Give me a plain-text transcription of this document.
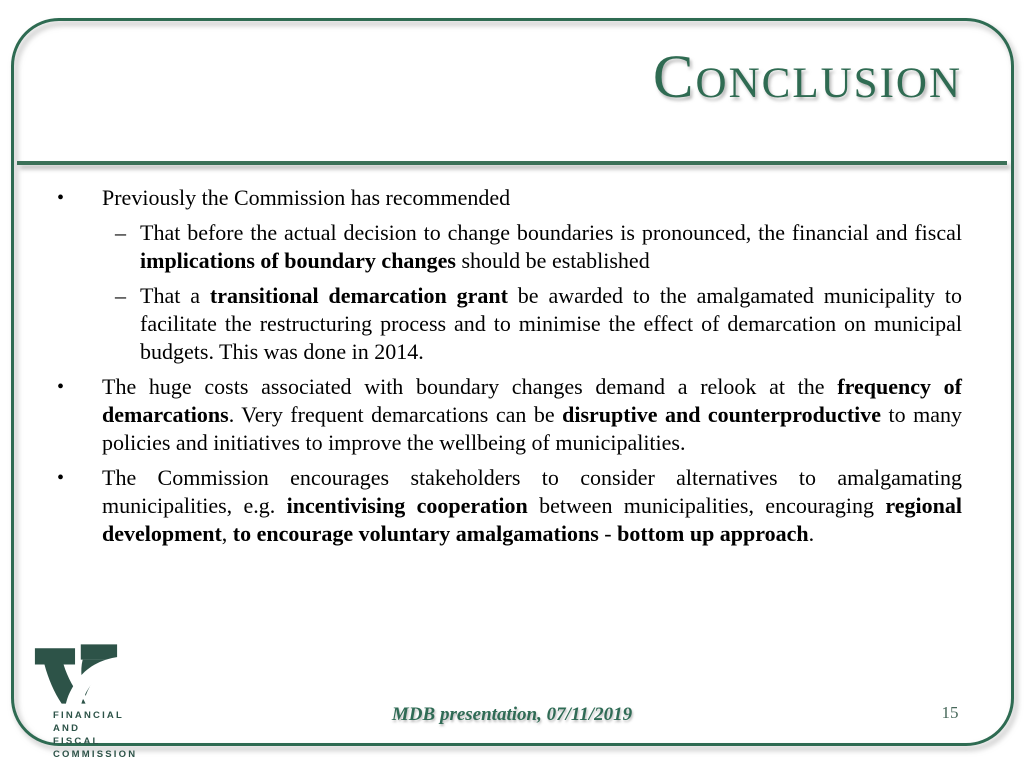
Conclusion
•	Previously the Commission has recommended
– That before the actual decision to change boundaries is pronounced, the financial and fiscal implications of boundary changes should be established
– That a transitional demarcation grant be awarded to the amalgamated municipality to facilitate the restructuring process and to minimise the effect of demarcation on municipal budgets. This was done in 2014.
•	The huge costs associated with boundary changes demand a relook at the frequency of demarcations. Very frequent demarcations can be disruptive and counterproductive to many policies and initiatives to improve the wellbeing of municipalities.
•	The Commission encourages stakeholders to consider alternatives to amalgamating municipalities, e.g. incentivising cooperation between municipalities, encouraging regional development, to encourage voluntary amalgamations - bottom up approach.
FINANCIAL
AND FISCAL
COMMISSION
MDB presentation, 07/11/2019	15
